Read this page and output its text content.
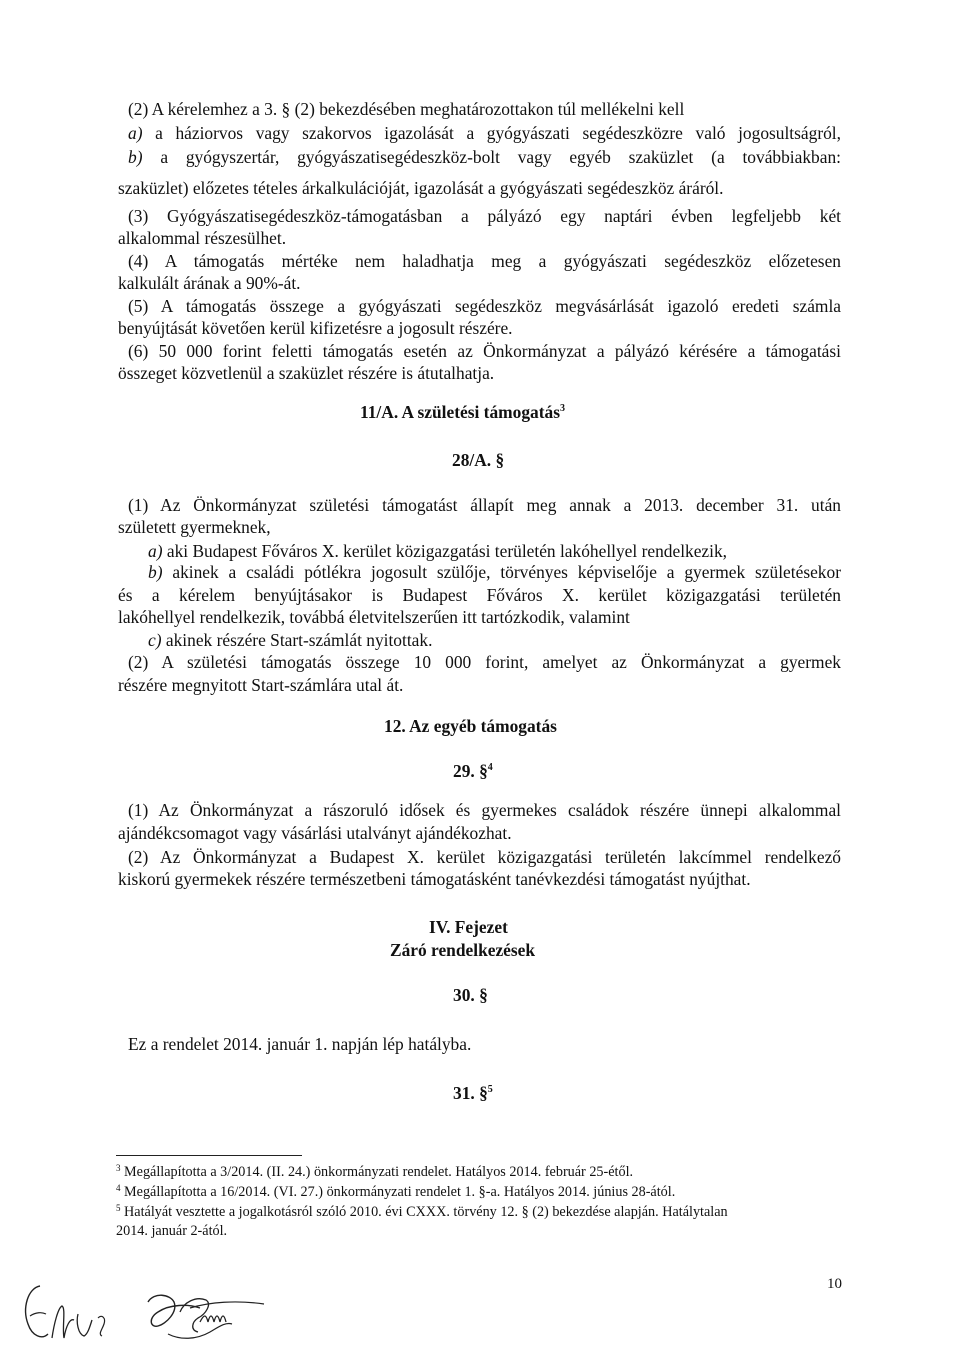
(2) A kérelemhez a 3. § (2) bekezdésében meghatározottakon túl mellékelni kell
a) a háziorvos vagy szakorvos igazolását a gyógyászati segédeszközre való jogosultságról,
b) a gyógyszertár, gyógyászatisegédeszköz-bolt vagy egyéb szaküzlet (a továbbiakban:
szaküzlet) előzetes tételes árkalkulációját, igazolását a gyógyászati segédeszköz áráról.
(3) Gyógyászatisegédeszköz-támogatásban a pályázó egy naptári évben legfeljebb két
alkalommal részesülhet.
(4) A támogatás mértéke nem haladhatja meg a gyógyászati segédeszköz előzetesen
kalkulált árának a 90%-át.
(5) A támogatás összege a gyógyászati segédeszköz megvásárlását igazoló eredeti számla
benyújtását követően kerül kifizetésre a jogosult részére.
(6) 50 000 forint feletti támogatás esetén az Önkormányzat a pályázó kérésére a támogatási
összeget közvetlenül a szaküzlet részére is átutalhatja.
11/A. A születési támogatás$^3$
28/A. §
(1) Az Önkormányzat születési támogatást állapít meg annak a 2013. december 31. után
született gyermeknek,
a) aki Budapest Főváros X. kerület közigazgatási területén lakóhellyel rendelkezik,
b) akinek a családi pótlékra jogosult szülője, törvényes képviselője a gyermek születésekor
és a kérelem benyújtásakor is Budapest Főváros X. kerület közigazgatási területén
lakóhellyel rendelkezik, továbbá életvitelszerűen itt tartózkodik, valamint
c) akinek részére Start-számlát nyitottak.
(2) A születési támogatás összege 10 000 forint, amelyet az Önkormányzat a gyermek
részére megnyitott Start-számlára utal át.
12. Az egyéb támogatás
29. §$^4$
(1) Az Önkormányzat a rászoruló idősek és gyermekes családok részére ünnepi alkalommal
ajándékcsomagot vagy vásárlási utalványt ajándékozhat.
(2) Az Önkormányzat a Budapest X. kerület közigazgatási területén lakcímmel rendelkező
kiskorú gyermekek részére természetbeni támogatásként tanévkezdési támogatást nyújthat.
IV. Fejezet
Záró rendelkezések
30. §
Ez a rendelet 2014. január 1. napján lép hatályba.
31. §$^5$
$^3$ Megállapította a 3/2014. (II. 24.) önkormányzati rendelet. Hatályos 2014. február 25-étől.
$^4$ Megállapította a 16/2014. (VI. 27.) önkormányzati rendelet 1. §-a. Hatályos 2014. június 28-ától.
$^5$ Hatályát vesztette a jogalkotásról szóló 2010. évi CXXX. törvény 12. § (2) bekezdése alapján. Hatálytalan
2014. január 2-ától.
10
